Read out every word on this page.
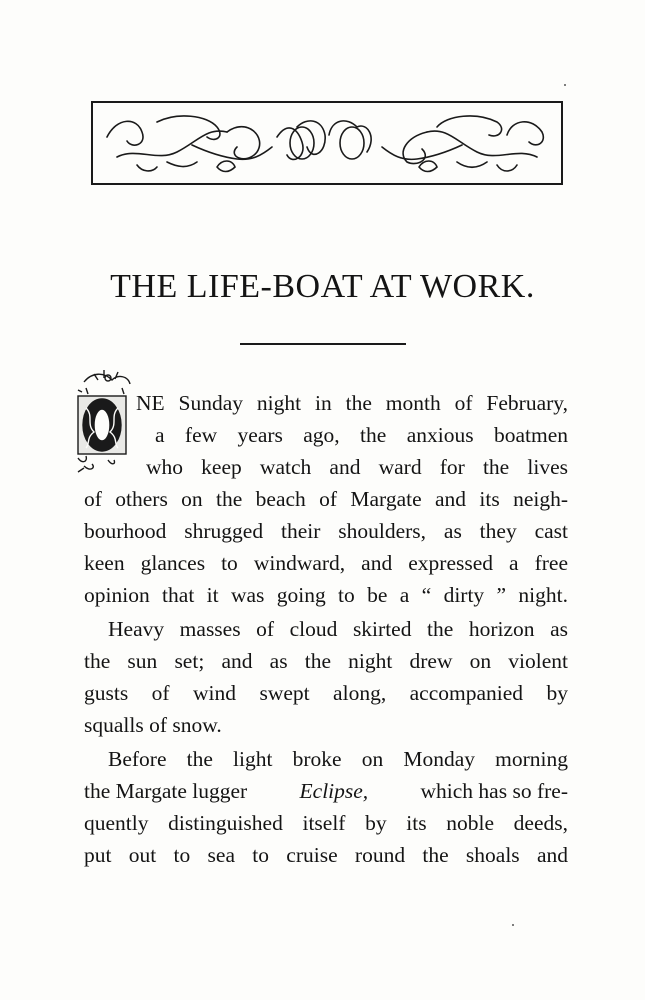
THE LIFE-BOAT AT WORK.
NE Sunday night in the month of February,
a few years ago, the anxious boatmen
who keep watch and ward for the lives
of others on the beach of Margate and its neigh-
bourhood shrugged their shoulders, as they cast
keen glances to windward, and expressed a free
opinion that it was going to be a “ dirty ” night.
Heavy masses of cloud skirted the horizon as
the sun set; and as the night drew on violent
gusts of wind swept along, accompanied by
squalls of snow.
Before the light broke on Monday morning
the Margate lugger Eclipse, which has so fre-
quently distinguished itself by its noble deeds,
put out to sea to cruise round the shoals and
